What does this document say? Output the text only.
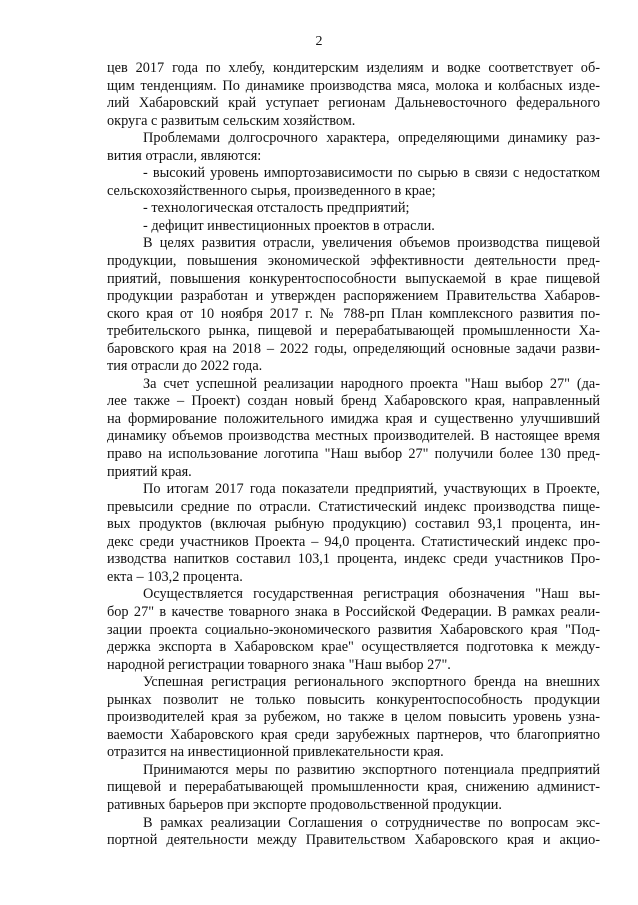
2
цев 2017 года по хлебу, кондитерским изделиям и водке соответствует об-
щим тенденциям. По динамике производства мяса, молока и колбасных изде-
лий Хабаровский край уступает регионам Дальневосточного федерального
округа с развитым сельским хозяйством.
Проблемами долгосрочного характера, определяющими динамику раз-
вития отрасли, являются:
- высокий уровень импортозависимости по сырью в связи с недостатком
сельскохозяйственного сырья, произведенного в крае;
- технологическая отсталость предприятий;
- дефицит инвестиционных проектов в отрасли.
В целях развития отрасли, увеличения объемов производства пищевой
продукции, повышения экономической эффективности деятельности пред-
приятий, повышения конкурентоспособности выпускаемой в крае пищевой
продукции разработан и утвержден распоряжением Правительства Хабаров-
ского края от 10 ноября 2017 г. № 788-рп План комплексного развития по-
требительского рынка, пищевой и перерабатывающей промышленности Ха-
баровского края на 2018 – 2022 годы, определяющий основные задачи разви-
тия отрасли до 2022 года.
За счет успешной реализации народного проекта "Наш выбор 27" (да-
лее также – Проект) создан новый бренд Хабаровского края, направленный
на формирование положительного имиджа края и существенно улучшивший
динамику объемов производства местных производителей. В настоящее время
право на использование логотипа "Наш выбор 27" получили более 130 пред-
приятий края.
По итогам 2017 года показатели предприятий, участвующих в Проекте,
превысили средние по отрасли. Статистический индекс производства пище-
вых продуктов (включая рыбную продукцию) составил 93,1 процента, ин-
декс среди участников Проекта – 94,0 процента. Статистический индекс про-
изводства напитков составил 103,1 процента, индекс среди участников Про-
екта – 103,2 процента.
Осуществляется государственная регистрация обозначения "Наш вы-
бор 27" в качестве товарного знака в Российской Федерации. В рамках реали-
зации проекта социально-экономического развития Хабаровского края "Под-
держка экспорта в Хабаровском крае" осуществляется подготовка к между-
народной регистрации товарного знака "Наш выбор 27".
Успешная регистрация регионального экспортного бренда на внешних
рынках позволит не только повысить конкурентоспособность продукции
производителей края за рубежом, но также в целом повысить уровень узна-
ваемости Хабаровского края среди зарубежных партнеров, что благоприятно
отразится на инвестиционной привлекательности края.
Принимаются меры по развитию экспортного потенциала предприятий
пищевой и перерабатывающей промышленности края, снижению админист-
ративных барьеров при экспорте продовольственной продукции.
В рамках реализации Соглашения о сотрудничестве по вопросам экс-
портной деятельности между Правительством Хабаровского края и акцио-
